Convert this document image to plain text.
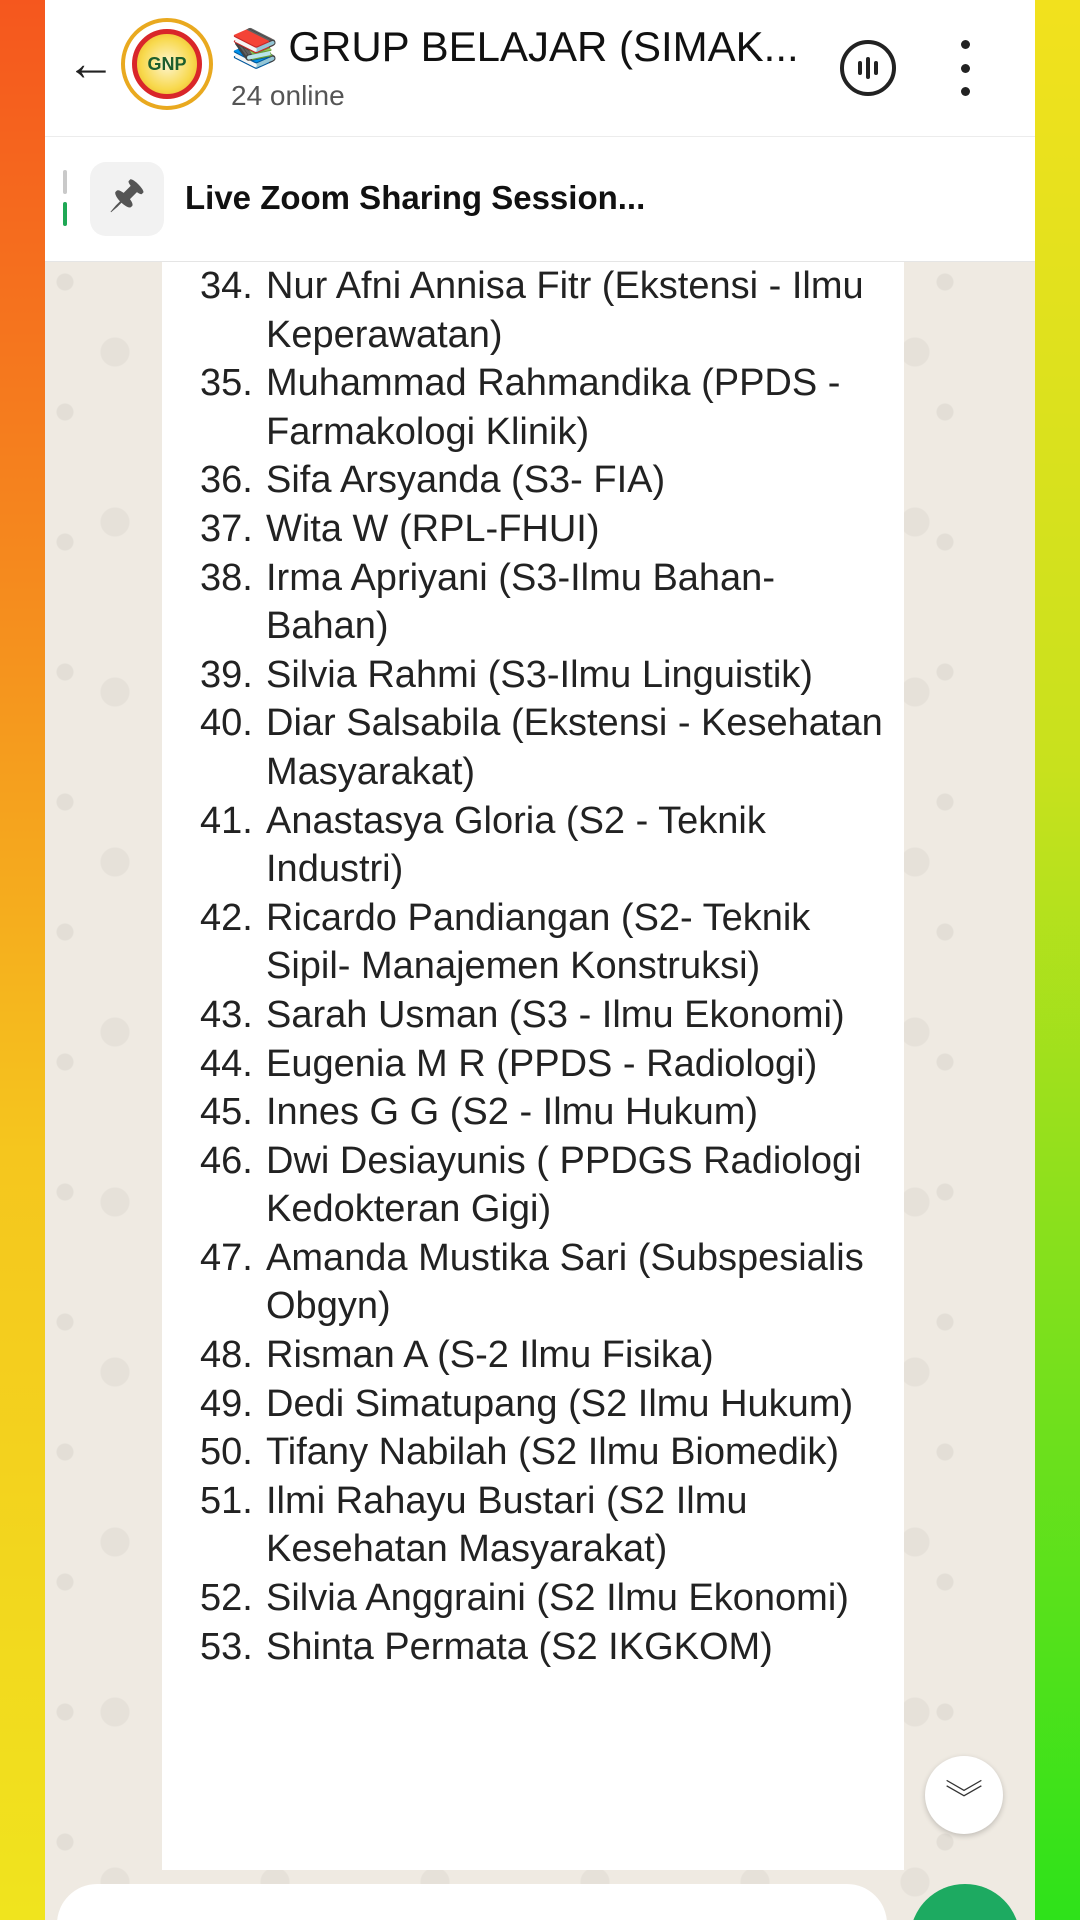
← GNP 📚 GRUP BELAJAR (SIMAK...
24 online
🖈︎	Live Zoom Sharing Session...
34. Nur Afni Annisa Fitr (Ekstensi - Ilmu Keperawatan)
35. Muhammad Rahmandika (PPDS -Farmakologi Klinik)
36. Sifa Arsyanda (S3- FIA)
37. Wita W (RPL-FHUI)
38. Irma Apriyani (S3-Ilmu Bahan-Bahan)
39. Silvia Rahmi (S3-Ilmu Linguistik)
40. Diar Salsabila (Ekstensi - Kesehatan Masyarakat)
41. Anastasya Gloria (S2 - Teknik Industri)
42. Ricardo Pandiangan (S2- Teknik Sipil- Manajemen Konstruksi)
43. Sarah Usman (S3 - Ilmu Ekonomi)
44. Eugenia M R (PPDS - Radiologi)
45. Innes G G (S2 - Ilmu Hukum)
46. Dwi Desiayunis ( PPDGS Radiologi Kedokteran Gigi)
47. Amanda Mustika Sari (Subspesialis Obgyn)
48. Risman A (S-2 Ilmu Fisika)
49. Dedi Simatupang (S2 Ilmu Hukum)
50. Tifany Nabilah (S2 Ilmu Biomedik)
51. Ilmi Rahayu Bustari (S2 Ilmu Kesehatan Masyarakat)
52. Silvia Anggraini (S2 Ilmu Ekonomi)
53. Shinta Permata (S2 IKGKOM)
︾
